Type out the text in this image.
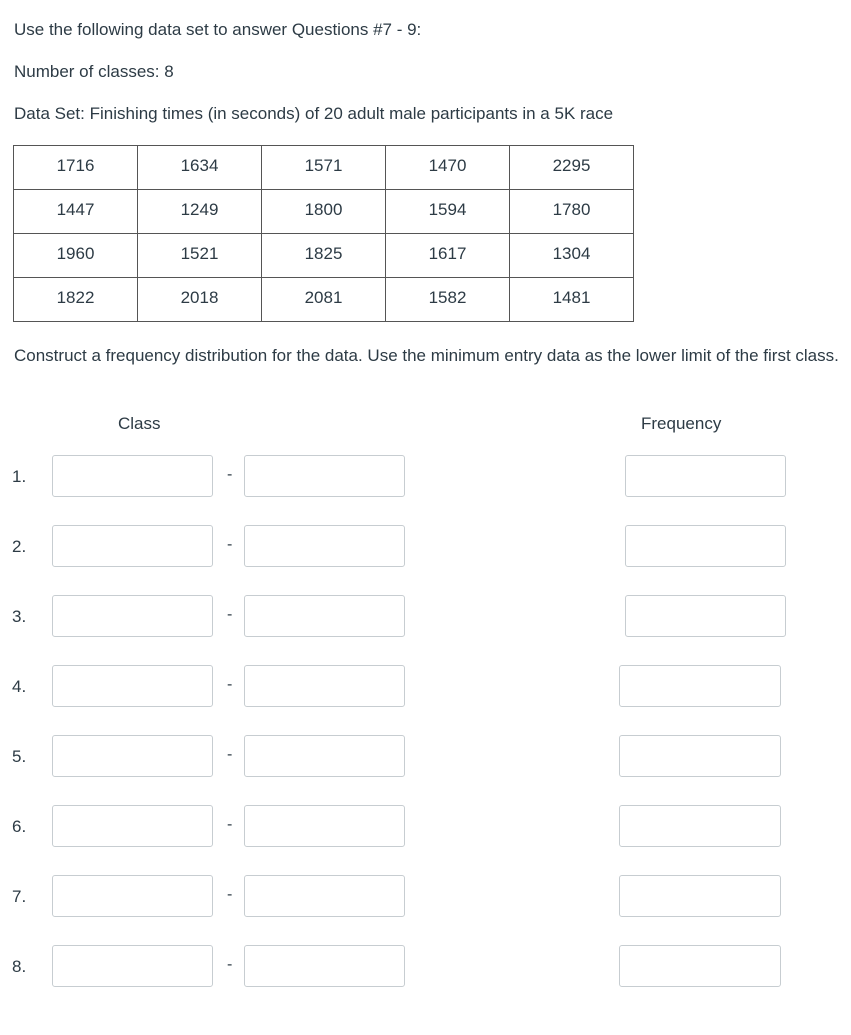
Use the following data set to answer Questions #7 - 9:
Number of classes: 8
Data Set: Finishing times (in seconds) of 20 adult male participants in a 5K race
1716	1634	1571	1470	2295
1447	1249	1800	1594	1780
1960	1521	1825	1617	1304
1822	2018	2081	1582	1481
Construct a frequency distribution for the data. Use the minimum entry data as the lower limit of the first class.
Class	Frequency
1.	-
2.	-
3.	-
4.	-
5.	-
6.	-
7.	-
8.	-
